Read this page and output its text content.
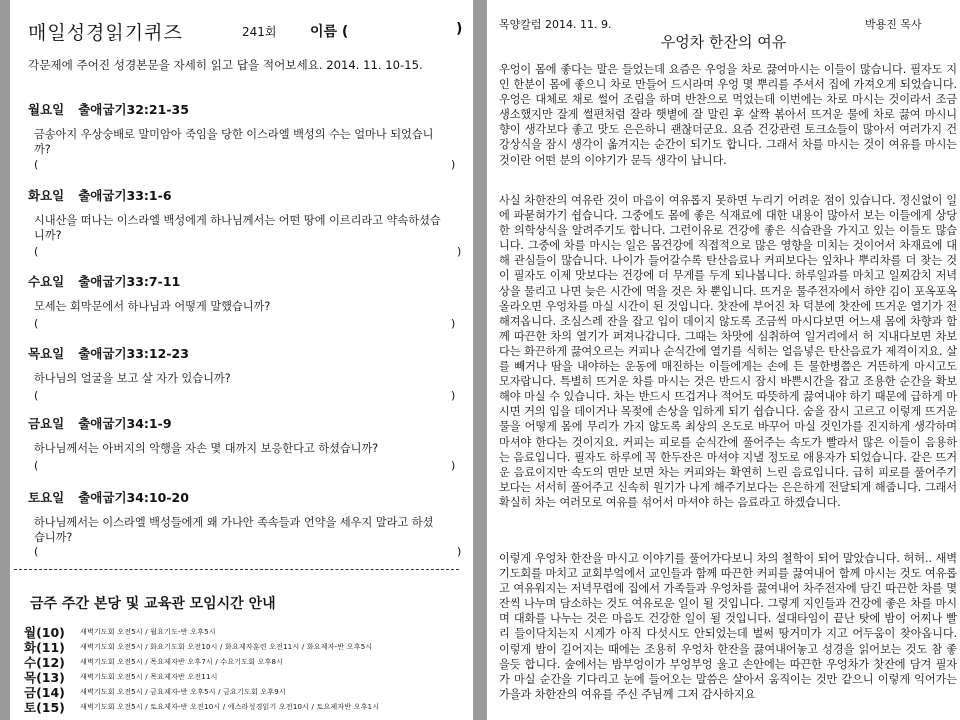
매일성경읽기퀴즈	241회 이름 (	)
각문제에 주어진 성경본문을 자세히 읽고 답을 적어보세요. 2014. 11. 10-15.
월요일 출애굽기32:21-35
금송아지 우상숭배로 말미암아 죽임을 당한 이스라엘 백성의 수는 얼마나 되었습니까?
(	)
화요일 출애굽기33:1-6
시내산을 떠나는 이스라엘 백성에게 하나님께서는 어떤 땅에 이르리라고 약속하셨습니까?
(	)
수요일 출애굽기33:7-11
모세는 회막문에서 하나님과 어떻게 말했습니까?
(	)
목요일 출애굽기33:12-23
하나님의 얼굴을 보고 살 자가 있습니까?
(	)
금요일 출애굽기34:1-9
하나님께서는 아버지의 악행을 자손 몇 대까지 보응한다고 하셨습니까?
(	)
토요일 출애굽기34:10-20
하나님께서는 이스라엘 백성들에게 왜 가나안 족속들과 언약을 세우지 말라고 하셨습니까?
(	)
금주 주간 본당 및 교육관 모임시간 안내
월(10) 새벽기도회 오전5시 / 월요기도-반 오후5시
화(11) 새벽기도회 오전5시 / 화요기도회 오전10시 / 화요제자훈련 오전11시 / 화요제자-반 오후5시
수(12) 새벽기도회 오전5시 / 목요제자반 오후7시 / 수요기도회 오후8시
목(13) 새벽기도회 오전5시 / 목요제자반 오전11시
금(14) 새벽기도회 오전5시 / 금요제자-반 오후5시 / 금요기도회 오후9시
토(15) 새벽기도회 오전5시 / 토요제자-반 오전10시 / 에스라성경읽기 오전10시 / 토요제자반 오후1시
목양칼럼 2014. 11. 9.	박용진 목사
우엉차 한잔의 여유
우엉이 몸에 좋다는 말은 들었는데 요즘은 우엉을 차로 끓여마시는 이들이 많습니다. 필자도 지인 한분이 몸에 좋으니 차로 만들어 드시라며 우엉 몇 뿌리를 주셔서 집에 가져오게 되었습니다. 우엉은 대체로 채로 썰어 조림을 하며 반찬으로 먹었는데 이번에는 차로 마시는 것이라서 조금 생소했지만 잘게 썰편처럼 잘라 햇볕에 잘 말린 후 살짝 볶아서 뜨거운 물에 차로 끓여 마시니 향이 생각보다 좋고 맛도 은은하니 괜찮더군요. 요즘 건강관련 토크쇼들이 많아서 여러가지 건강상식을 잠시 생각이 옮겨지는 순간이 되기도 합니다. 그래서 차를 마시는 것이 여유를 마시는 것이란 어떤 분의 이야기가 문득 생각이 납니다.
사실 차한잔의 여유란 것이 마음이 여유롭지 못하면 누리기 어려운 점이 있습니다. 정신없이 일에 파묻혀가기 쉽습니다. 그중에도 몸에 좋은 식재료에 대한 내용이 많아서 보는 이들에게 상당한 의학상식을 알려주기도 합니다. 그런이유로 건강에 좋은 식습관을 가지고 있는 이들도 많습니다. 그중에 차를 마시는 일은 몸건강에 직접적으로 많은 영향을 미치는 것이어서 차재료에 대해 관심들이 많습니다. 나이가 들어갈수록 탄산음료나 커피보다는 잎차나 뿌리차를 더 찾는 것이 필자도 이제 맛보다는 건강에 더 무게를 두게 되나봅니다. 하루일과를 마치고 일찌감치 저녁상을 물리고 나면 늦은 시간에 먹을 것은 차 뿐입니다. 뜨거운 물주전자에서 하얀 김이 포옥포옥 올라오면 우엉차를 마실 시간이 된 것입니다. 찻잔에 부어진 차 덕분에 찻잔에 뜨거운 열기가 전해져옵니다. 조심스레 잔을 잡고 입이 데이지 않도록 조금씩 마시다보면 어느새 몸에 차향과 함께 따끈한 차의 열기가 퍼져나갑니다. 그때는 차맛에 심취하여 일거리에서 허 지내다보면 차보다는 화끈하게 끓여오르는 커피나 순식간에 열기를 식히는 얼음넣은 탄산음료가 제격이지요. 살를 빼거나 땀을 내야하는 운동에 매진하는 이들에게는 손에 든 물한병쯤은 거뜬하게 마시고도 모자랍니다. 특별히 뜨거운 차를 마시는 것은 반드시 잠시 바쁜시간을 잡고 조용한 순간을 확보해야 마실 수 있습니다. 차는 반드시 뜨겁거나 적어도 따뜻하게 끓여내야 하기 때문에 급하게 마시면 거의 입을 데이거나 목젖에 손상을 입하게 되기 쉽습니다. 숨을 잠시 고르고 이렇게 뜨거운 물을 어떻게 몸에 무리가 가지 않도록 최상의 온도로 바꾸어 마실 것인가를 진지하게 생각하며 마셔야 한다는 것이지요. 커피는 피로를 순식간에 풀어주는 속도가 빨라서 많은 이들이 음용하는 음료입니다. 필자도 하루에 꼭 한두잔은 마셔야 지낼 정도로 애용자가 되었습니다. 같은 뜨거운 음료이지만 속도의 면만 보면 차는 커피와는 확연히 느린 음료입니다. 급히 피로를 풀어주기 보다는 서서히 풀어주고 신속히 원기가 나게 해주기보다는 은은하게 전달되게 해줍니다. 그래서 확실히 차는 여러모로 여유를 섞어서 마셔야 하는 음료라고 하겠습니다.
이렇게 우엉차 한잔을 마시고 이야기를 풀어가다보니 차의 철학이 되어 말았습니다. 허허.. 새벽기도회를 마치고 교회부엌에서 교인들과 함께 따끈한 커피를 끓여내어 함께 마시는 것도 여유롭고 여유워지는 저녁무렵에 집에서 가족들과 우엉차를 끓여내어 차주전자에 담긴 따끈한 차를 몇잔씩 나누며 담소하는 것도 여유로운 일이 될 것입니다. 그렇게 지인들과 건강에 좋은 차를 마시며 대화를 나누는 것은 마음도 건강한 일이 될 것입니다. 설대타임이 끝난 탓에 밤이 어찌나 빨리 들이닥치는지 시계가 아직 다섯시도 안되었는데 벌써 땅거미가 지고 어두움이 찾아옵니다. 이렇게 밤이 길어지는 때에는 조용히 우엉차 한잔을 끓여내어놓고 성경을 읽어보는 것도 참 좋을듯 합니다. 숲에서는 밤부엉이가 부엉부엉 울고 손안에는 따끈한 우엉차가 찻잔에 담겨 필자가 마실 순간을 기다리고 눈에 들어오는 말씀은 살아서 움직이는 것만 같으니 이렇게 익어가는 가을과 차한잔의 여유를 주신 주님께 그저 감사하지요
